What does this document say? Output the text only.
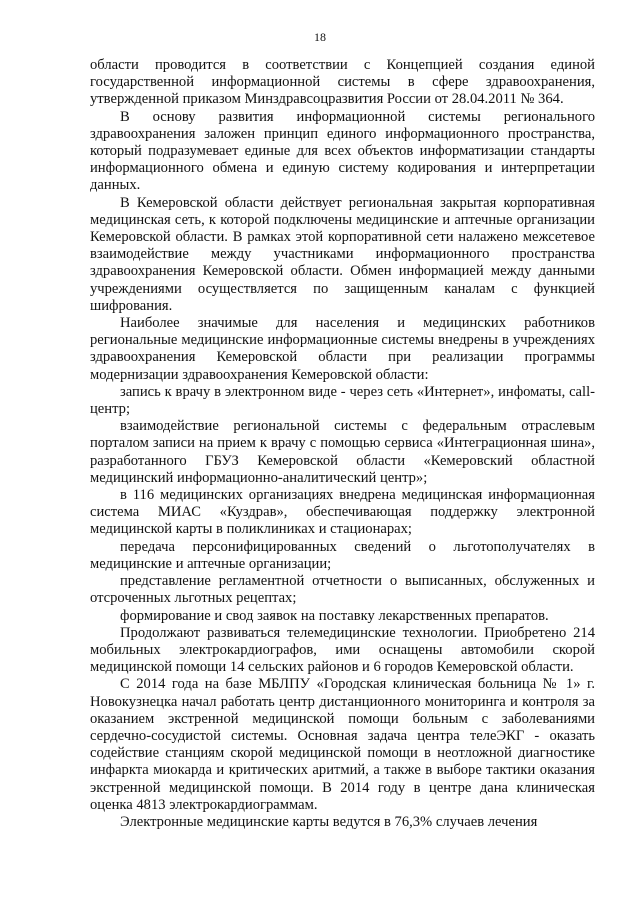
18

области проводится в соответствии с Концепцией создания единой государственной информационной системы в сфере здравоохранения, утвержденной приказом Минздравсоцразвития России от 28.04.2011 № 364.

В основу развития информационной системы регионального здравоохранения заложен принцип единого информационного пространства, который подразумевает единые для всех объектов информатизации стандарты информационного обмена и единую систему кодирования и интерпретации данных.

В Кемеровской области действует региональная закрытая корпоративная медицинская сеть, к которой подключены медицинские и аптечные организации Кемеровской области. В рамках этой корпоративной сети налажено межсетевое взаимодействие между участниками информационного пространства здравоохранения Кемеровской области. Обмен информацией между данными учреждениями осуществляется по защищенным каналам с функцией шифрования.

Наиболее значимые для населения и медицинских работников региональные медицинские информационные системы внедрены в учреждениях здравоохранения Кемеровской области при реализации программы модернизации здравоохранения Кемеровской области:

запись к врачу в электронном виде - через сеть «Интернет», инфоматы, call-центр;

взаимодействие региональной системы с федеральным отраслевым порталом записи на прием к врачу с помощью сервиса «Интеграционная шина», разработанного ГБУЗ Кемеровской области «Кемеровский областной медицинский информационно-аналитический центр»;

в 116 медицинских организациях внедрена медицинская информационная система МИАС «Куздрав», обеспечивающая поддержку электронной медицинской карты в поликлиниках и стационарах;

передача персонифицированных сведений о льготополучателях в медицинские и аптечные организации;

представление регламентной отчетности о выписанных, обслуженных и отсроченных льготных рецептах;

формирование и свод заявок на поставку лекарственных препаратов.

Продолжают развиваться телемедицинские технологии. Приобретено 214 мобильных электрокардиографов, ими оснащены автомобили скорой медицинской помощи 14 сельских районов и 6 городов Кемеровской области.

С 2014 года на базе МБЛПУ «Городская клиническая больница № 1» г. Новокузнецка начал работать центр дистанционного мониторинга и контроля за оказанием экстренной медицинской помощи больным с заболеваниями сердечно-сосудистой системы. Основная задача центра телеЭКГ - оказать содействие станциям скорой медицинской помощи в неотложной диагностике инфаркта миокарда и критических аритмий, а также в выборе тактики оказания экстренной медицинской помощи. В 2014 году в центре дана клиническая оценка 4813 электрокардиограммам.

Электронные медицинские карты ведутся в 76,3% случаев лечения
